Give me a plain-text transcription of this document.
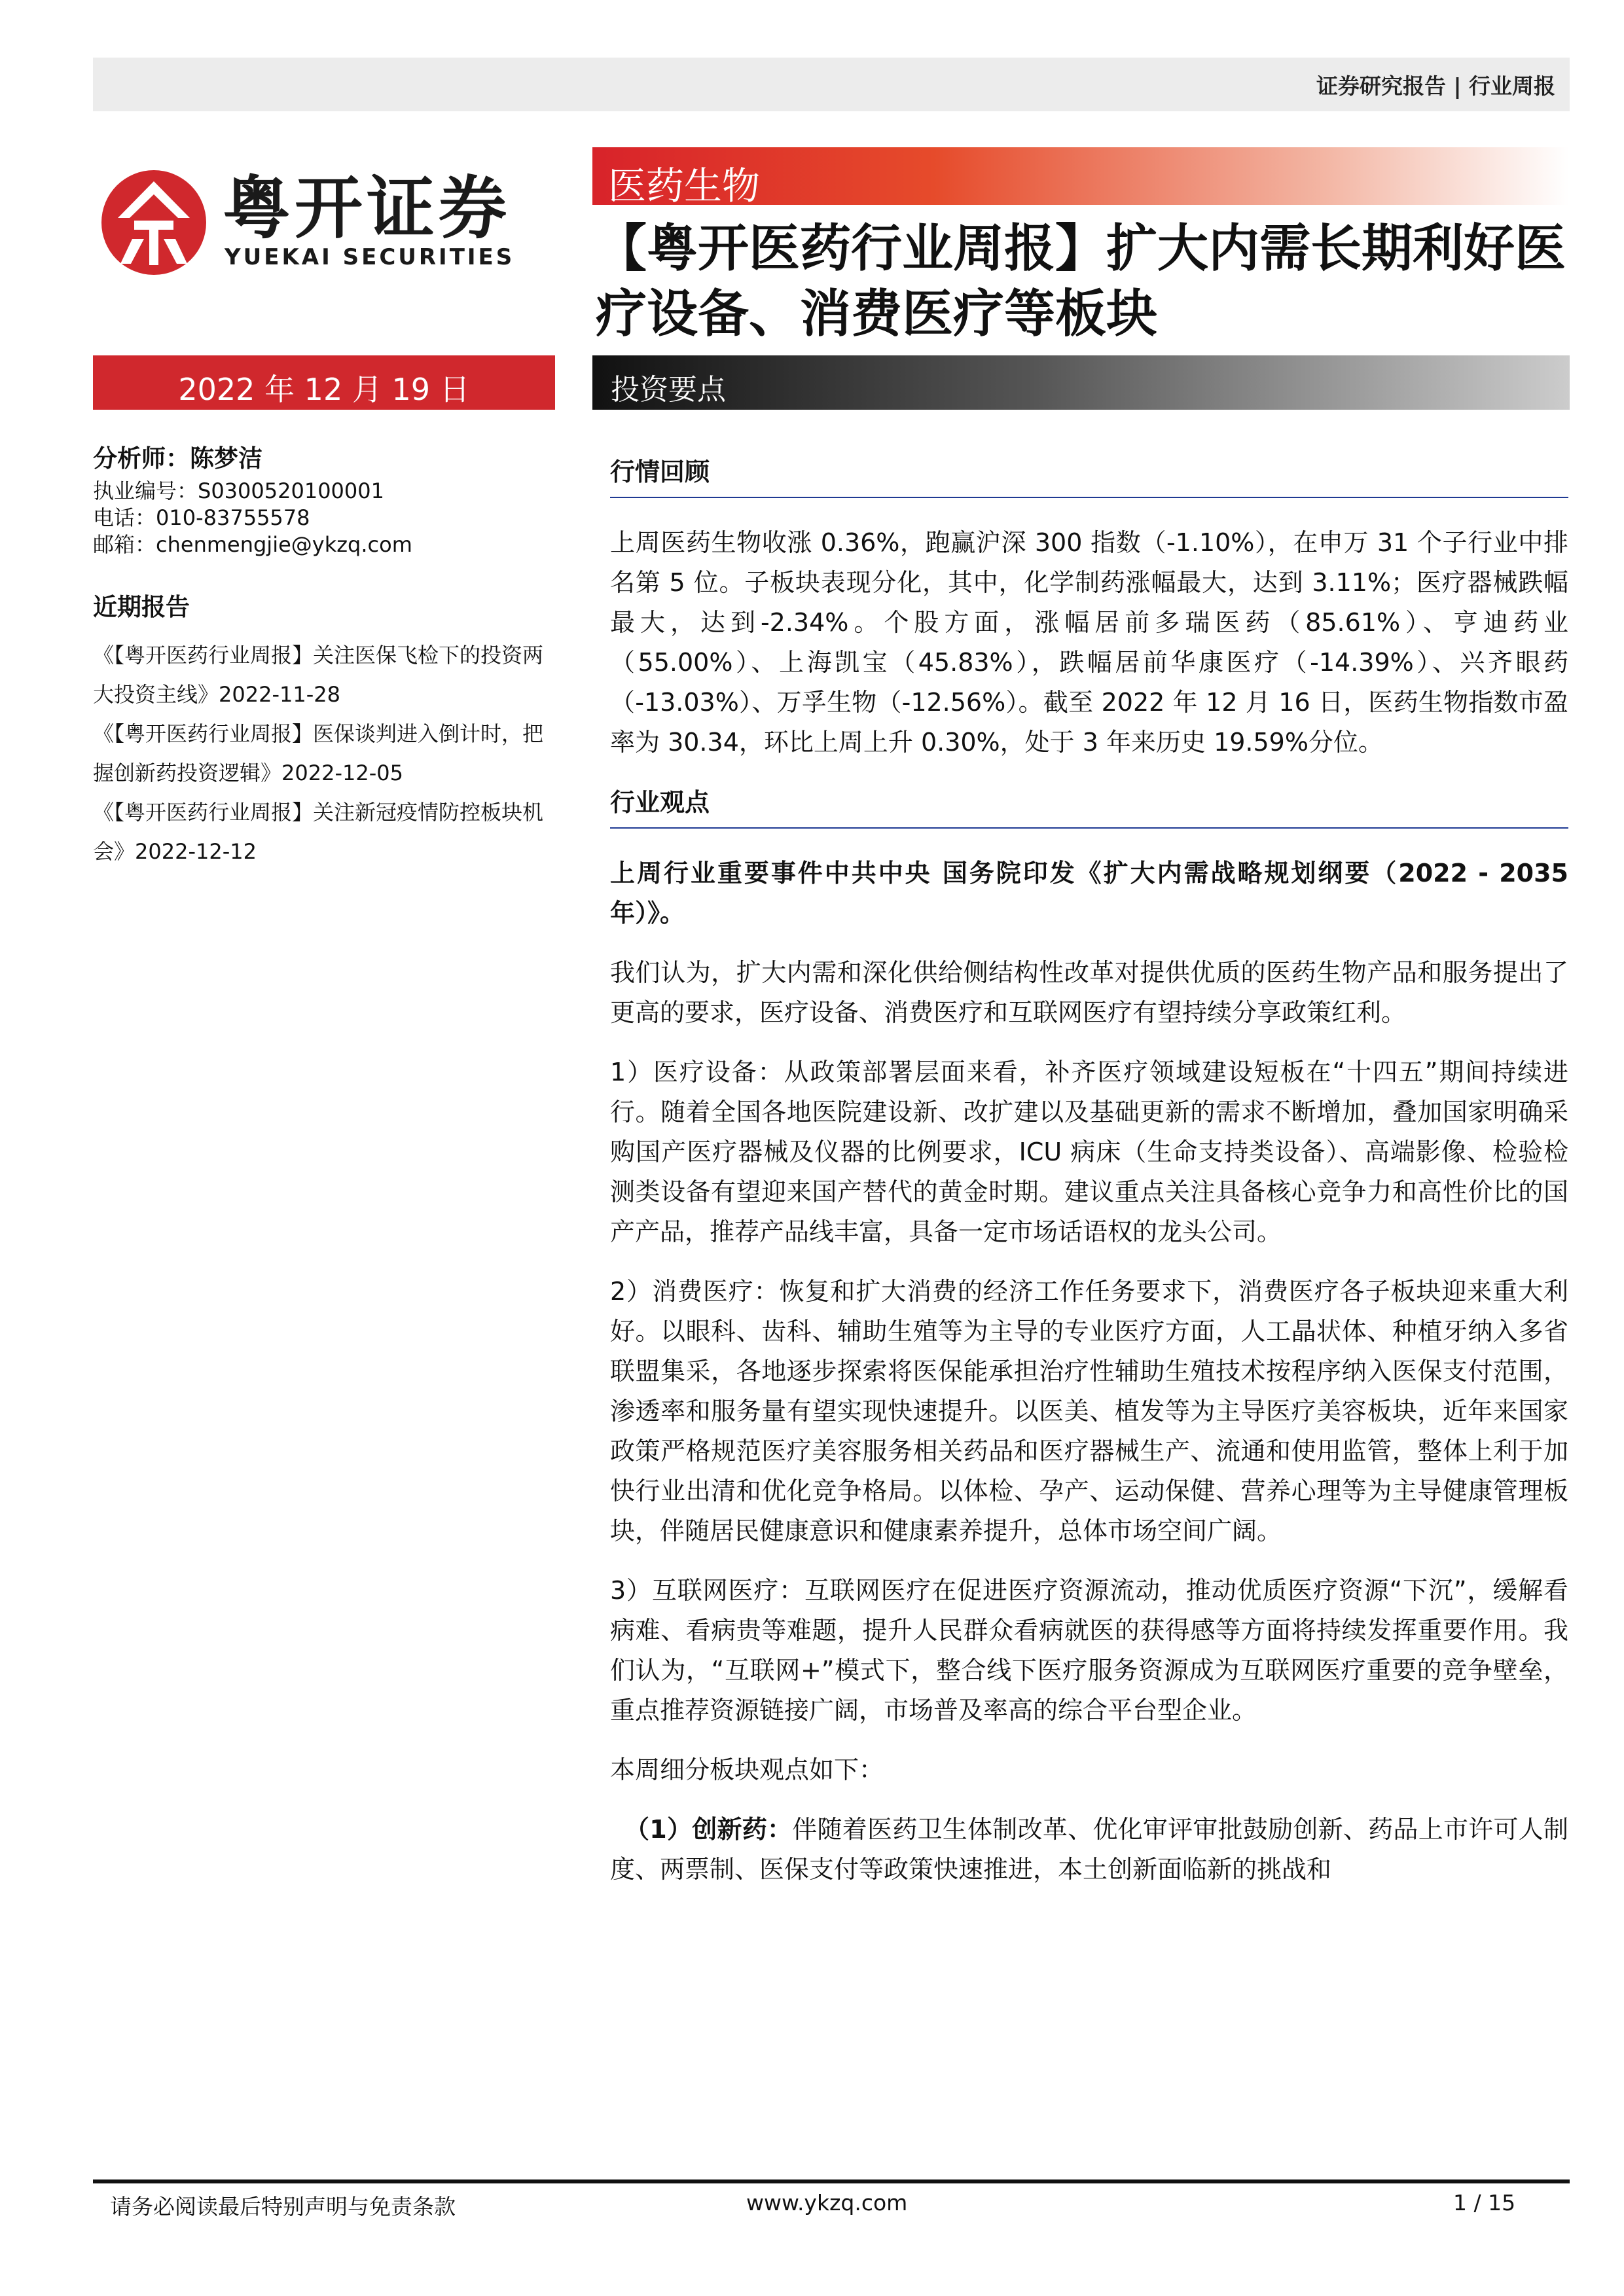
证券研究报告 | 行业周报
粤开证券
YUEKAI SECURITIES
医药生物
【粤开医药行业周报】扩大内需长期利好医疗设备、消费医疗等板块
2022 年 12 月 19 日	投资要点
分析师：陈梦洁
执业编号：S0300520100001
电话：010-83755578
邮箱：chenmengjie@ykzq.com
近期报告
《【粤开医药行业周报】关注医保飞检下的投资两大投资主线》2022-11-28
《【粤开医药行业周报】医保谈判进入倒计时，把握创新药投资逻辑》2022-12-05
《【粤开医药行业周报】关注新冠疫情防控板块机会》2022-12-12
行情回顾

上周医药生物收涨 0.36%，跑赢沪深 300 指数（-1.10%），在申万 31 个子行业中排名第 5 位。子板块表现分化，其中，化学制药涨幅最大，达到 3.11%；医疗器械跌幅最大，达到-2.34%。个股方面，涨幅居前多瑞医药（85.61%）、亨迪药业（55.00%）、上海凯宝（45.83%），跌幅居前华康医疗（-14.39%）、兴齐眼药（-13.03%）、万孚生物（-12.56%）。截至 2022 年 12 月 16 日，医药生物指数市盈率为 30.34，环比上周上升 0.30%，处于 3 年来历史 19.59%分位。

行业观点

上周行业重要事件中共中央 国务院印发《扩大内需战略规划纲要（2022 - 2035 年）》。

我们认为，扩大内需和深化供给侧结构性改革对提供优质的医药生物产品和服务提出了更高的要求，医疗设备、消费医疗和互联网医疗有望持续分享政策红利。

1）医疗设备：从政策部署层面来看，补齐医疗领域建设短板在“十四五”期间持续进行。随着全国各地医院建设新、改扩建以及基础更新的需求不断增加，叠加国家明确采购国产医疗器械及仪器的比例要求，ICU 病床（生命支持类设备）、高端影像、检验检测类设备有望迎来国产替代的黄金时期。建议重点关注具备核心竞争力和高性价比的国产产品，推荐产品线丰富，具备一定市场话语权的龙头公司。

2）消费医疗：恢复和扩大消费的经济工作任务要求下，消费医疗各子板块迎来重大利好。以眼科、齿科、辅助生殖等为主导的专业医疗方面，人工晶状体、种植牙纳入多省联盟集采，各地逐步探索将医保能承担治疗性辅助生殖技术按程序纳入医保支付范围，渗透率和服务量有望实现快速提升。以医美、植发等为主导医疗美容板块，近年来国家政策严格规范医疗美容服务相关药品和医疗器械生产、流通和使用监管，整体上利于加快行业出清和优化竞争格局。以体检、孕产、运动保健、营养心理等为主导健康管理板块，伴随居民健康意识和健康素养提升，总体市场空间广阔。

3）互联网医疗：互联网医疗在促进医疗资源流动，推动优质医疗资源“下沉”，缓解看病难、看病贵等难题，提升人民群众看病就医的获得感等方面将持续发挥重要作用。我们认为，“互联网+”模式下，整合线下医疗服务资源成为互联网医疗重要的竞争壁垒，重点推荐资源链接广阔，市场普及率高的综合平台型企业。

本周细分板块观点如下：

（1）创新药：伴随着医药卫生体制改革、优化审评审批鼓励创新、药品上市许可人制度、两票制、医保支付等政策快速推进，本土创新面临新的挑战和

请务必阅读最后特别声明与免责条款	www.ykzq.com	1 / 15
